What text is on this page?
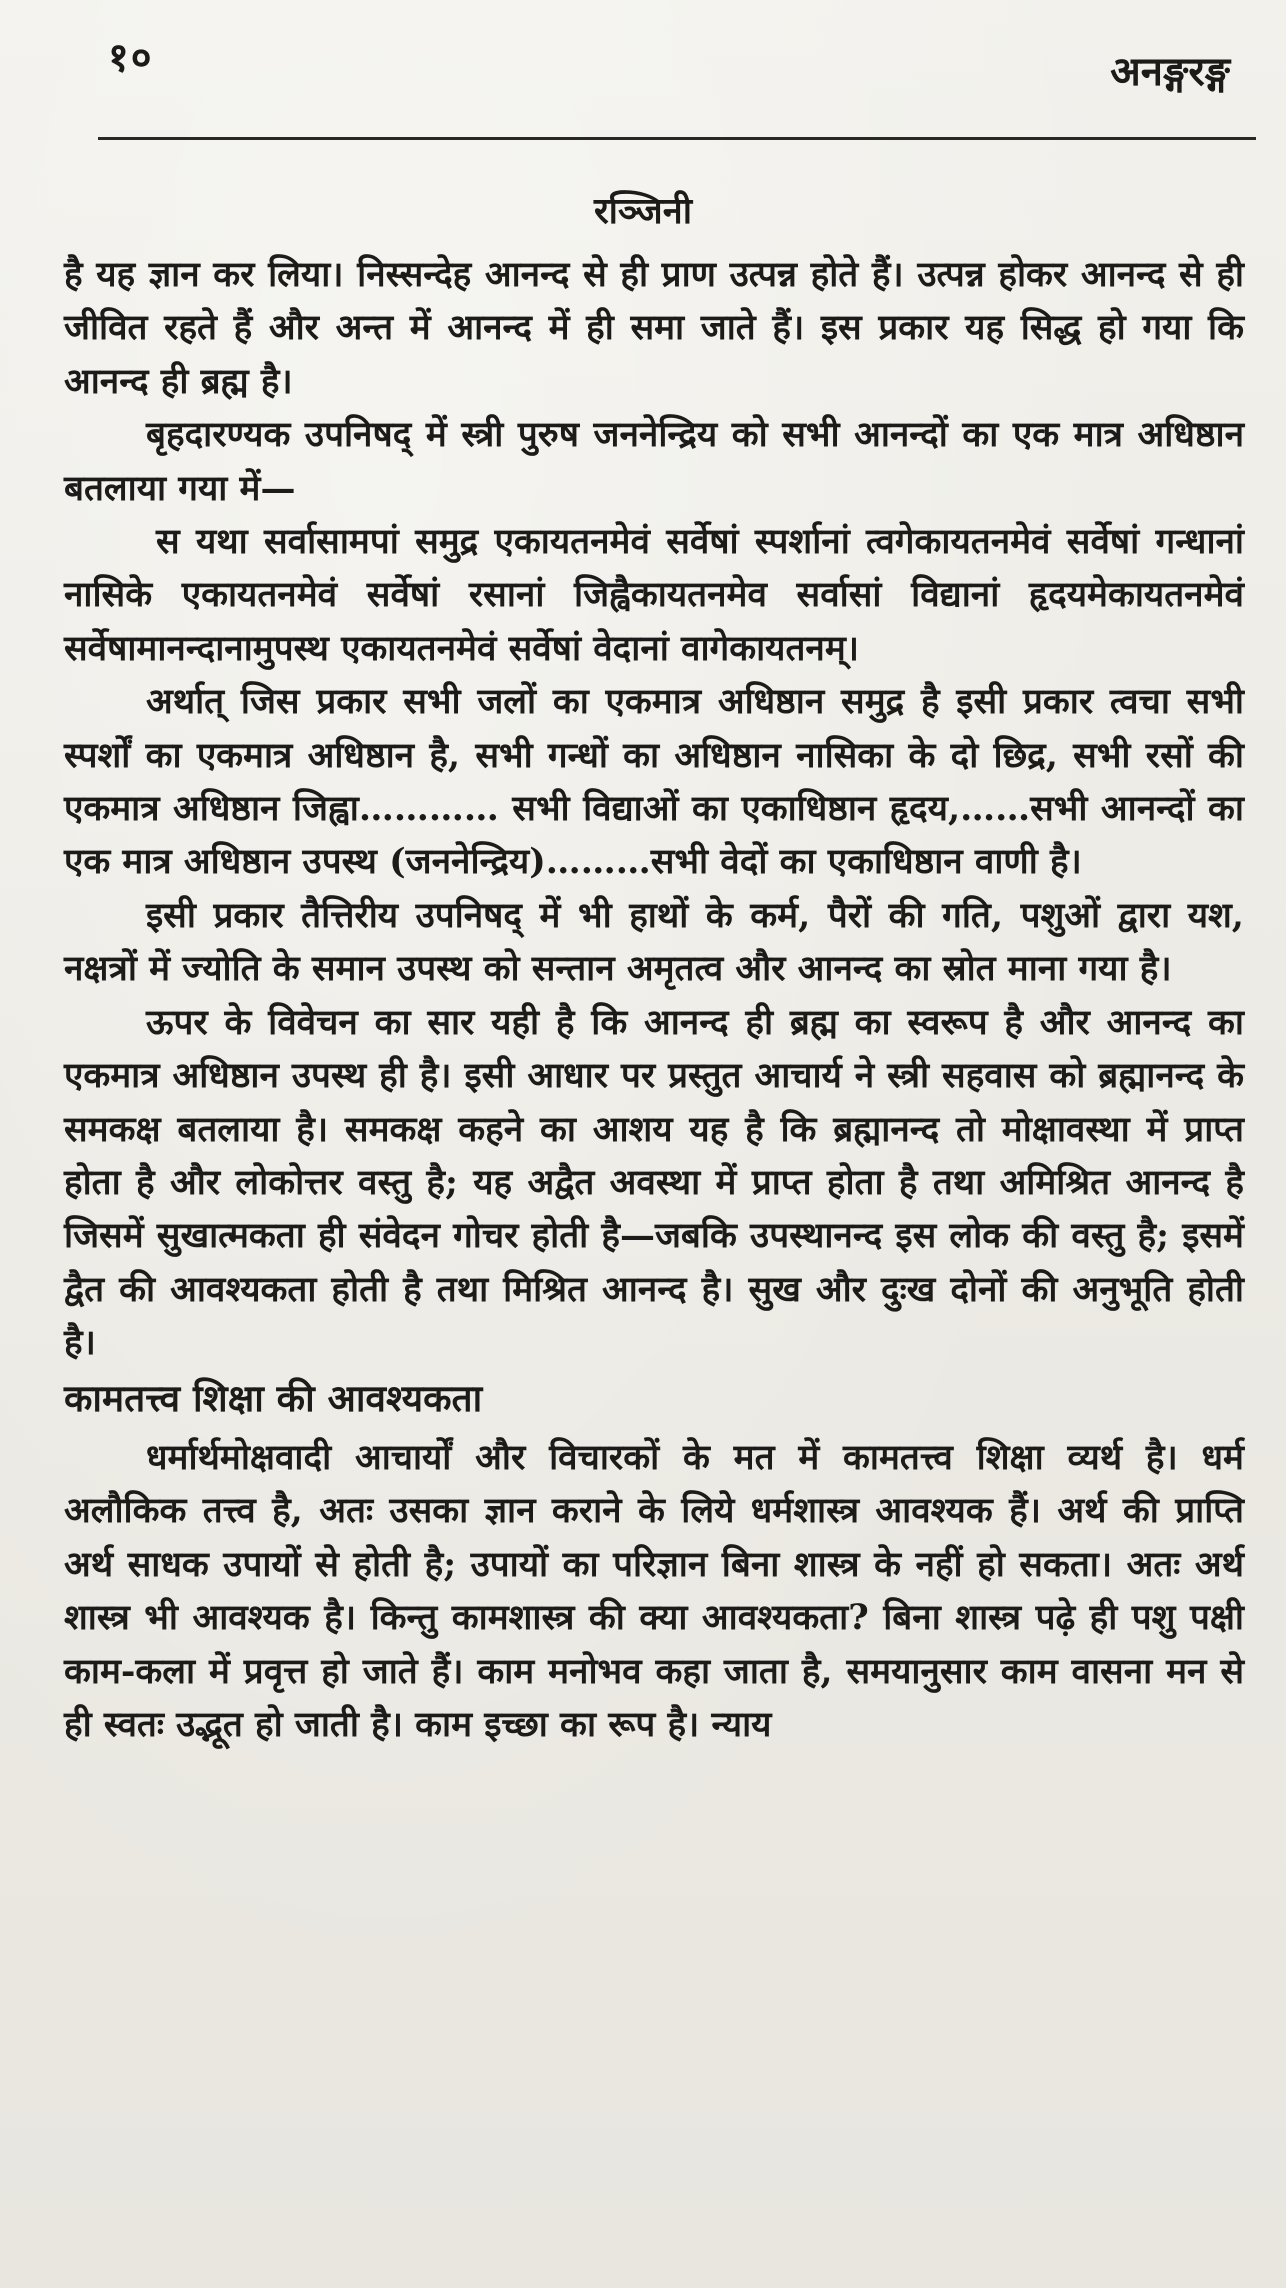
१०	अनङ्गरङ्ग
रञ्जिनी

है यह ज्ञान कर लिया। निस्सन्देह आनन्द से ही प्राण उत्पन्न होते हैं। उत्पन्न होकर आनन्द से ही जीवित रहते हैं और अन्त में आनन्द में ही समा जाते हैं। इस प्रकार यह सिद्ध हो गया कि आनन्द ही ब्रह्म है।

बृहदारण्यक उपनिषद् में स्त्री पुरुष जननेन्द्रिय को सभी आनन्दों का एक मात्र अधिष्ठान बतलाया गया में—

स यथा सर्वासामपां समुद्र एकायतनमेवं सर्वेषां स्पर्शानां त्वगेकायतनमेवं सर्वेषां गन्धानां नासिके एकायतनमेवं सर्वेषां रसानां जिह्वैकायतनमेव सर्वासां विद्यानां हृदयमेकायतनमेवं सर्वेषामानन्दानामुपस्थ एकायतनमेवं सर्वेषां वेदानां वागेकायतनम्।

अर्थात् जिस प्रकार सभी जलों का एकमात्र अधिष्ठान समुद्र है इसी प्रकार त्वचा सभी स्पर्शों का एकमात्र अधिष्ठान है, सभी गन्धों का अधिष्ठान नासिका के दो छिद्र, सभी रसों की एकमात्र अधिष्ठान जिह्वा………… सभी विद्याओं का एकाधिष्ठान हृदय,……सभी आनन्दों का एक मात्र अधिष्ठान उपस्थ (जननेन्द्रिय)………सभी वेदों का एकाधिष्ठान वाणी है।

इसी प्रकार तैत्तिरीय उपनिषद् में भी हाथों के कर्म, पैरों की गति, पशुओं द्वारा यश, नक्षत्रों में ज्योति के समान उपस्थ को सन्तान अमृतत्व और आनन्द का स्रोत माना गया है।

ऊपर के विवेचन का सार यही है कि आनन्द ही ब्रह्म का स्वरूप है और आनन्द का एकमात्र अधिष्ठान उपस्थ ही है। इसी आधार पर प्रस्तुत आचार्य ने स्त्री सहवास को ब्रह्मानन्द के समकक्ष बतलाया है। समकक्ष कहने का आशय यह है कि ब्रह्मानन्द तो मोक्षावस्था में प्राप्त होता है और लोकोत्तर वस्तु है; यह अद्वैत अवस्था में प्राप्त होता है तथा अमिश्रित आनन्द है जिसमें सुखात्मकता ही संवेदन गोचर होती है—जबकि उपस्थानन्द इस लोक की वस्तु है; इसमें द्वैत की आवश्यकता होती है तथा मिश्रित आनन्द है। सुख और दुःख दोनों की अनुभूति होती है।

कामतत्त्व शिक्षा की आवश्यकता

धर्मार्थमोक्षवादी आचार्यों और विचारकों के मत में कामतत्त्व शिक्षा व्यर्थ है। धर्म अलौकिक तत्त्व है, अतः उसका ज्ञान कराने के लिये धर्मशास्त्र आवश्यक हैं। अर्थ की प्राप्ति अर्थ साधक उपायों से होती है; उपायों का परिज्ञान बिना शास्त्र के नहीं हो सकता। अतः अर्थ शास्त्र भी आवश्यक है। किन्तु कामशास्त्र की क्या आवश्यकता? बिना शास्त्र पढ़े ही पशु पक्षी काम-कला में प्रवृत्त हो जाते हैं। काम मनोभव कहा जाता है, समयानुसार काम वासना मन से ही स्वतः उद्भूत हो जाती है। काम इच्छा का रूप है। न्याय
